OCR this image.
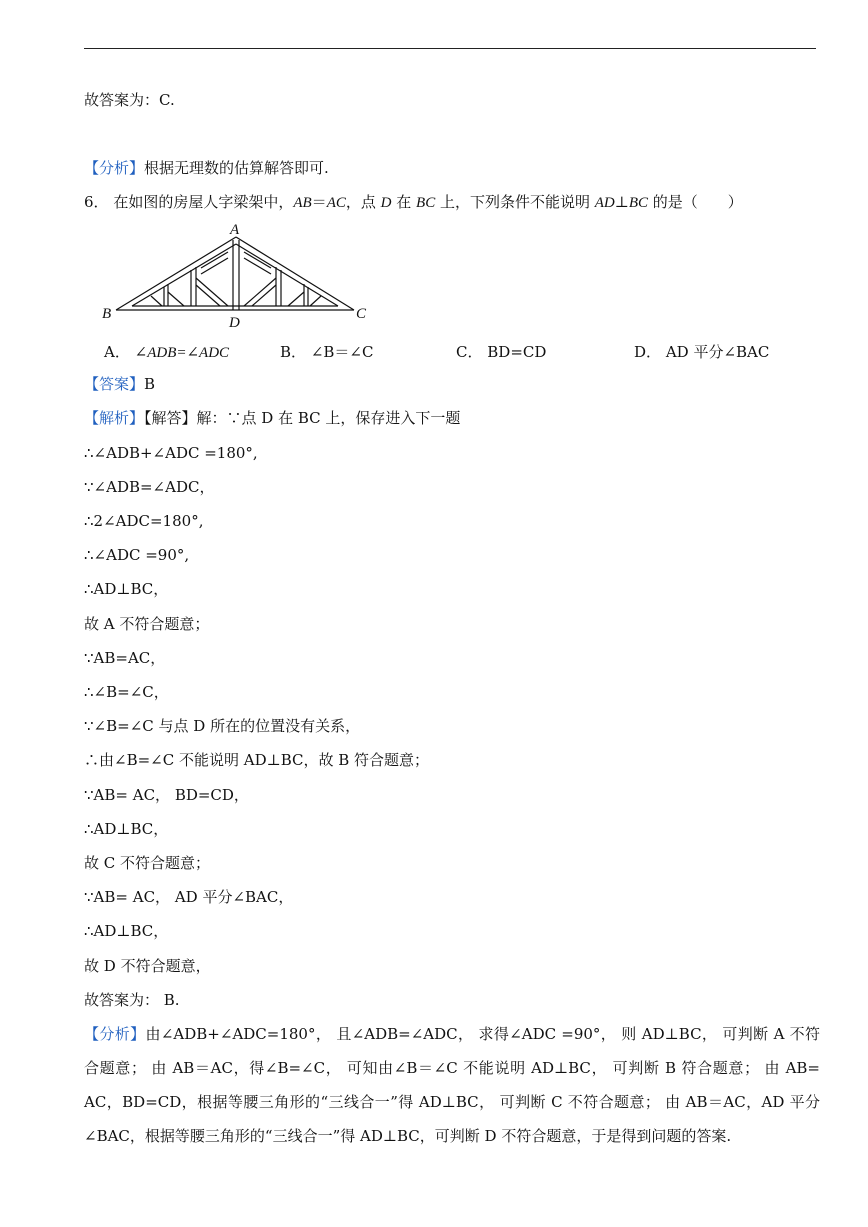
故答案为：C.
【分析】根据无理数的估算解答即可.
6． 在如图的房屋人字梁架中，AB＝AC，点 D 在 BC 上，下列条件不能说明 AD⊥BC 的是（　　）
A
B	C
D
A． ∠ADB=∠ADC	B． ∠B＝∠C	C． BD=CD	D． AD 平分∠BAC
【答案】B
【解析】【解答】解：∵点 D 在 BC 上，保存进入下一题
∴∠ADB+∠ADC =180°,
∵∠ADB=∠ADC，
∴2∠ADC=180°,
∴∠ADC =90°,
∴AD⊥BC，
故 A 不符合题意；
∵AB=AC，
∴∠B=∠C，
∵∠B=∠C 与点 D 所在的位置没有关系，
∴由∠B=∠C 不能说明 AD⊥BC，故 B 符合题意；
∵AB= AC， BD=CD，
∴AD⊥BC，
故 C 不符合题意；
∵AB= AC， AD 平分∠BAC，
∴AD⊥BC，
故 D 不符合题意，
故答案为： B.
【分析】由∠ADB+∠ADC=180°， 且∠ADB=∠ADC， 求得∠ADC =90°， 则 AD⊥BC， 可判断 A 不符合题意； 由 AB＝AC，得∠B=∠C， 可知由∠B＝∠C 不能说明 AD⊥BC， 可判断 B 符合题意； 由 AB= AC，BD=CD，根据等腰三角形的“三线合一”得 AD⊥BC， 可判断 C 不符合题意； 由 AB＝AC，AD 平分∠BAC，根据等腰三角形的“三线合一”得 AD⊥BC，可判断 D 不符合题意，于是得到问题的答案.
